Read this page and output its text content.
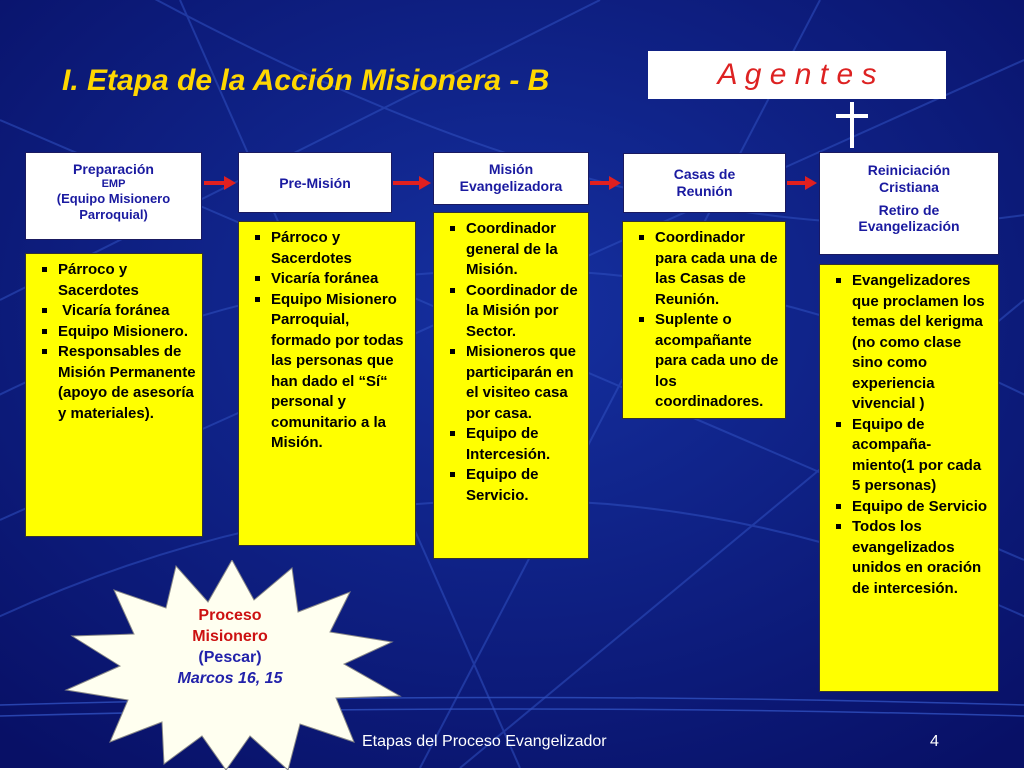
I. Etapa de la Acción Misionera - B	A g e n t e s
Preparación
EMP
(Equipo Misionero
Parroquial)
Pre-Misión
Misión
Evangelizadora
Casas de
Reunión
Reiniciación
Cristiana
Retiro de
Evangelización
Párroco y Sacerdotes
Vicaría foránea
Equipo Misionero.
Responsables de Misión Permanente (apoyo de asesoría y materiales).
Párroco y Sacerdotes
Vicaría foránea
Equipo Misionero Parroquial, formado por todas las personas que han dado el “Sí“ personal y comunitario a la Misión.
Coordinador general de la Misión.
Coordinador de la Misión por Sector.
Misioneros que participarán en el visiteo casa por casa.
Equipo de Intercesión.
Equipo de Servicio.
Coordinador para cada una de las Casas de Reunión.
Suplente o acompañante para cada uno de los

coordinadores.

Evangelizadores que proclamen los temas del kerigma (no como clase sino como experiencia vivencial )
Equipo de acompaña-miento(1 por cada 5 personas)
Equipo de Servicio
Todos los evangelizados unidos en oración de intercesión.
Proceso
Misionero
(Pescar)
Marcos 16, 15
Etapas del Proceso Evangelizador	4
